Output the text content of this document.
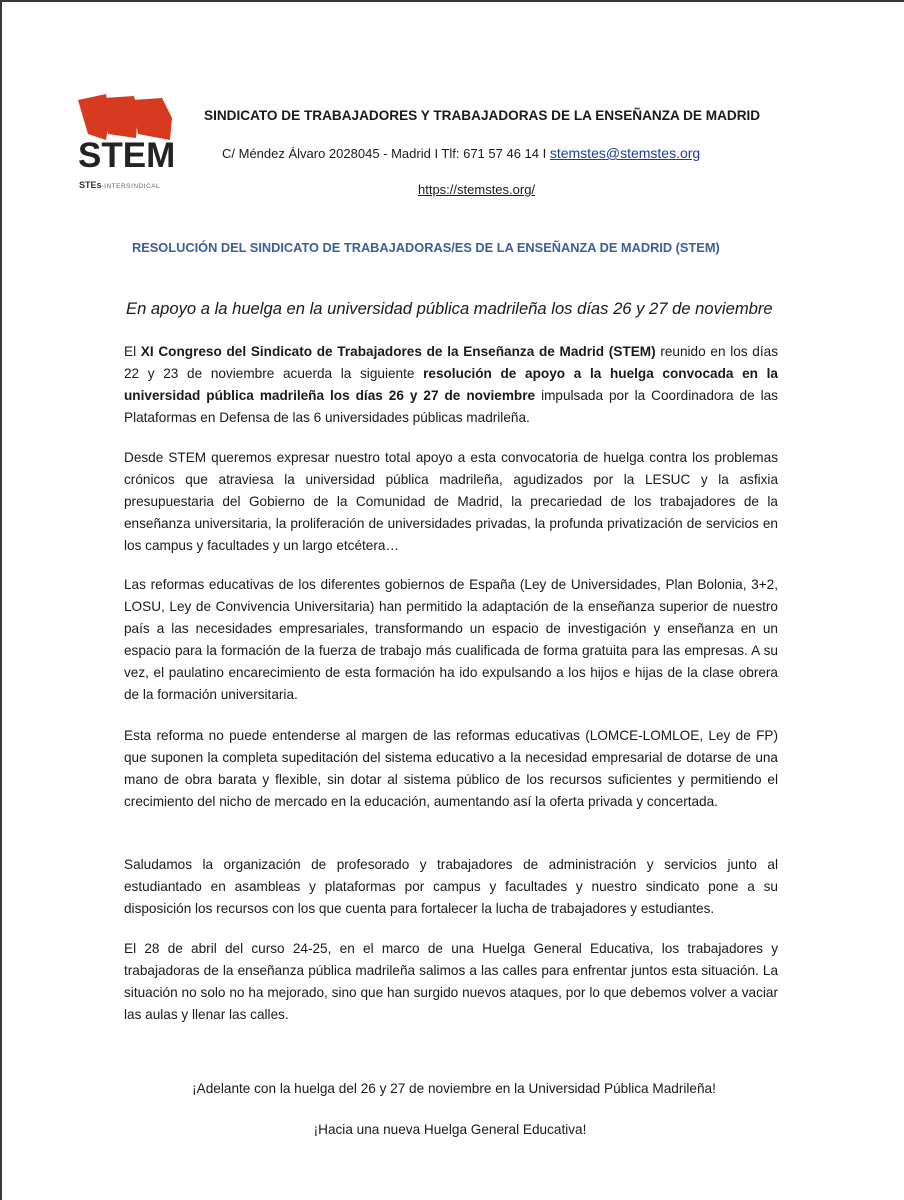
STEM
STEs-INTERSINDICAL
SINDICATO DE TRABAJADORES Y TRABAJADORAS DE LA ENSEÑANZA DE MADRID
C/ Méndez Álvaro 2028045 - Madrid I Tlf: 671 57 46 14 I stemstes@stemstes.org
https://stemstes.org/
RESOLUCIÓN DEL SINDICATO DE TRABAJADORAS/ES DE LA ENSEÑANZA DE MADRID (STEM)
En apoyo a la huelga en la universidad pública madrileña los días 26 y 27 de noviembre
El XI Congreso del Sindicato de Trabajadores de la Enseñanza de Madrid (STEM) reunido en los días 22 y 23 de noviembre acuerda la siguiente resolución de apoyo a la huelga convocada en la universidad pública madrileña los días 26 y 27 de noviembre impulsada por la Coordinadora de las Plataformas en Defensa de las 6 universidades públicas madrileña.
Desde STEM queremos expresar nuestro total apoyo a esta convocatoria de huelga contra los problemas crónicos que atraviesa la universidad pública madrileña, agudizados por la LESUC y la asfixia presupuestaria del Gobierno de la Comunidad de Madrid, la precariedad de los trabajadores de la enseñanza universitaria, la proliferación de universidades privadas, la profunda privatización de servicios en los campus y facultades y un largo etcétera…
Las reformas educativas de los diferentes gobiernos de España (Ley de Universidades, Plan Bolonia, 3+2, LOSU, Ley de Convivencia Universitaria) han permitido la adaptación de la enseñanza superior de nuestro país a las necesidades empresariales, transformando un espacio de investigación y enseñanza en un espacio para la formación de la fuerza de trabajo más cualificada de forma gratuita para las empresas. A su vez, el paulatino encarecimiento de esta formación ha ido expulsando a los hijos e hijas de la clase obrera de la formación universitaria.
Esta reforma no puede entenderse al margen de las reformas educativas (LOMCE-LOMLOE, Ley de FP) que suponen la completa supeditación del sistema educativo a la necesidad empresarial de dotarse de una mano de obra barata y flexible, sin dotar al sistema público de los recursos suficientes y permitiendo el crecimiento del nicho de mercado en la educación, aumentando así la oferta privada y concertada.
Saludamos la organización de profesorado y trabajadores de administración y servicios junto al estudiantado en asambleas y plataformas por campus y facultades y nuestro sindicato pone a su disposición los recursos con los que cuenta para fortalecer la lucha de trabajadores y estudiantes.
El 28 de abril del curso 24-25, en el marco de una Huelga General Educativa, los trabajadores y trabajadoras de la enseñanza pública madrileña salimos a las calles para enfrentar juntos esta situación. La situación no solo no ha mejorado, sino que han surgido nuevos ataques, por lo que debemos volver a vaciar las aulas y llenar las calles.
¡Adelante con la huelga del 26 y 27 de noviembre en la Universidad Pública Madrileña!
¡Hacia una nueva Huelga General Educativa!
